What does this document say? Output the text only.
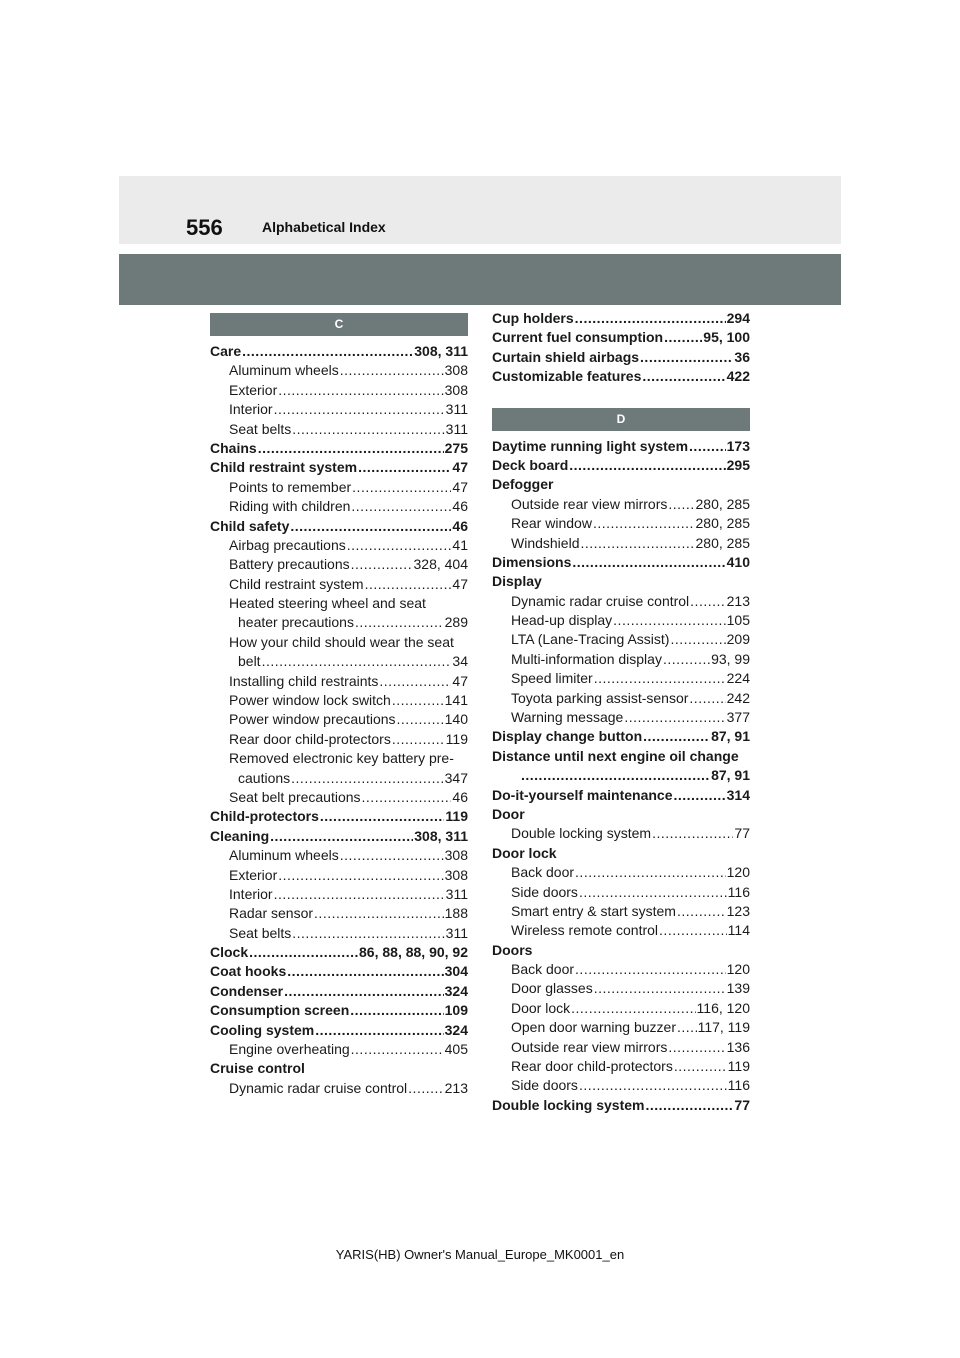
556	Alphabetical Index
C
Care .....	308, 311
Aluminum wheels .....	308
Exterior .....	308
Interior .....	311
Seat belts .....	311
Chains .....	275
Child restraint system .....	47
Points to remember .....	47
Riding with children .....	46
Child safety .....	46
Airbag precautions .....	41
Battery precautions .....	328, 404
Child restraint system .....	47
Heated steering wheel and seat
heater precautions .....	289
How your child should wear the seat
belt .....	34
Installing child restraints .....	47
Power window lock switch .....	141
Power window precautions .....	140
Rear door child-protectors .....	119
Removed electronic key battery pre-
cautions .....	347
Seat belt precautions .....	46
Child-protectors .....	119
Cleaning .....	308, 311
Aluminum wheels .....	308
Exterior .....	308
Interior .....	311
Radar sensor .....	188
Seat belts .....	311
Clock .....	86, 88, 88, 90, 92
Coat hooks .....	304
Condenser .....	324
Consumption screen .....	109
Cooling system .....	324
Engine overheating .....	405
Cruise control
Dynamic radar cruise control .....	213
Cup holders .....	294
Current fuel consumption .....	95, 100
Curtain shield airbags .....	36
Customizable features .....	422
D
Daytime running light system .....	173
Deck board .....	295
Defogger
Outside rear view mirrors ..... 280, 285
Rear window .....	280, 285
Windshield .....	280, 285
Dimensions .....	410
Display
Dynamic radar cruise control .....	213
Head-up display .....	105
LTA (Lane-Tracing Assist) .....	209
Multi-information display .....	93, 99
Speed limiter .....	224
Toyota parking assist-sensor .....	242
Warning message .....	377
Display change button .....	87, 91
Distance until next engine oil change
.....
87, 91
Do-it-yourself maintenance .....	314
Door
Double locking system .....	77
Door lock
Back door .....	120
Side doors .....	116
Smart entry & start system .....	123
Wireless remote control .....	114
Doors
Back door .....	120
Door glasses .....	139
Door lock .....	116, 120
Open door warning buzzer ..... 117, 119
Outside rear view mirrors .....	136
Rear door child-protectors .....	119
Side doors .....	116
Double locking system .....	77
YARIS(HB) Owner's Manual_Europe_MK0001_en
